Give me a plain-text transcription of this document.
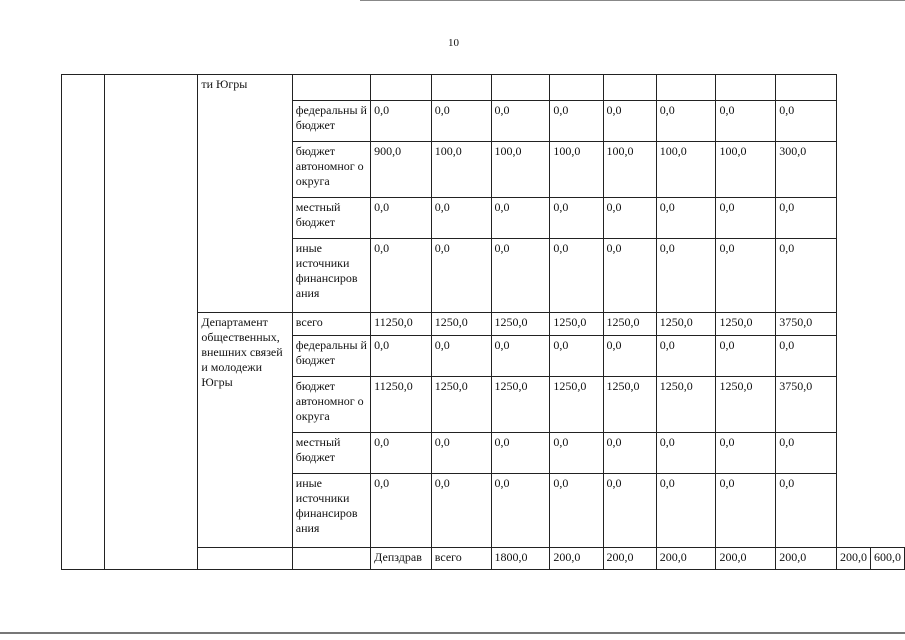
10
		ти Югры											
			федеральны й бюджет	0,0	0,0	0,0	0,0	0,0	0,0	0,0	0,0		
			бюджет автономног о округа	900,0	100,0	100,0	100,0	100,0	100,0	100,0	300,0		
			местный бюджет	0,0	0,0	0,0	0,0	0,0	0,0	0,0	0,0		
			иные источники финансиров ания	0,0	0,0	0,0	0,0	0,0	0,0	0,0	0,0		
		Департамент общественных, внешних связей и молодежи Югры	всего	11250,0	1250,0	1250,0	1250,0	1250,0	1250,0	1250,0	3750,0		
			федеральны й бюджет	0,0	0,0	0,0	0,0	0,0	0,0	0,0	0,0		
			бюджет автономног о округа	11250,0	1250,0	1250,0	1250,0	1250,0	1250,0	1250,0	3750,0		
			местный бюджет	0,0	0,0	0,0	0,0	0,0	0,0	0,0	0,0		
			иные источники финансиров ания	0,0	0,0	0,0	0,0	0,0	0,0	0,0	0,0		
				Депздрав	всего	1800,0	200,0	200,0	200,0	200,0	200,0	200,0	600,0
